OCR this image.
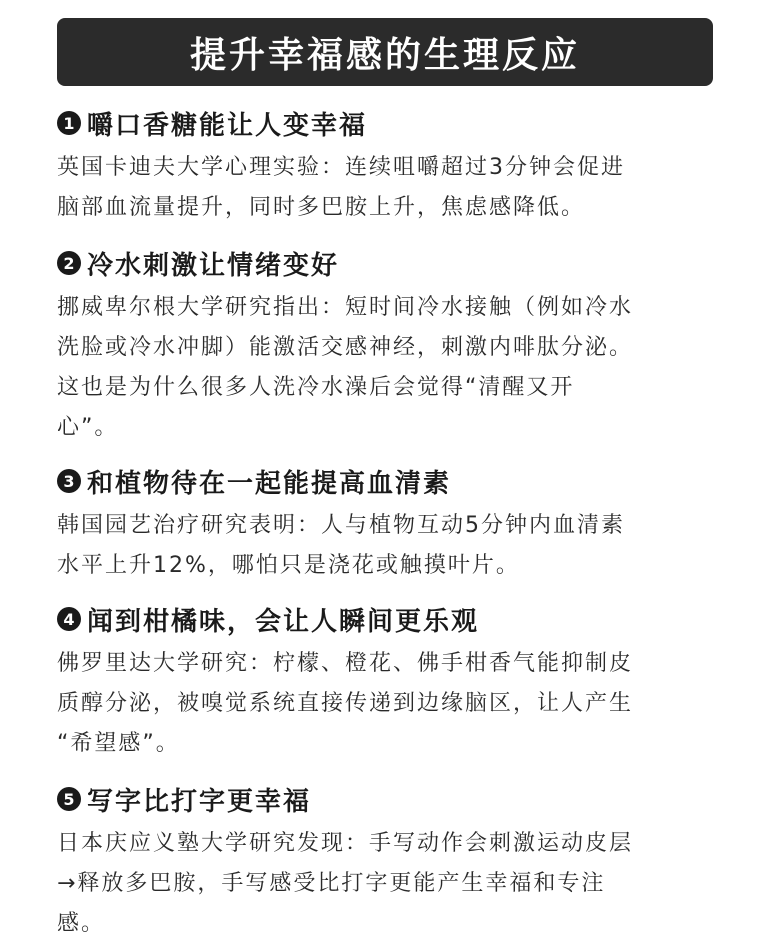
提升幸福感的生理反应
1 嚼口香糖能让人变幸福
英国卡迪夫大学心理实验：连续咀嚼超过3分钟会促进
脑部血流量提升，同时多巴胺上升，焦虑感降低。
2 冷水刺激让情绪变好
挪威卑尔根大学研究指出：短时间冷水接触（例如冷水
洗脸或冷水冲脚）能激活交感神经，刺激内啡肽分泌。
这也是为什么很多人洗冷水澡后会觉得“清醒又开
心”。
3 和植物待在一起能提高血清素
韩国园艺治疗研究表明：人与植物互动5分钟内血清素
水平上升12%，哪怕只是浇花或触摸叶片。
4 闻到柑橘味，会让人瞬间更乐观
佛罗里达大学研究：柠檬、橙花、佛手柑香气能抑制皮
质醇分泌，被嗅觉系统直接传递到边缘脑区，让人产生
“希望感”。
5 写字比打字更幸福
日本庆应义塾大学研究发现：手写动作会刺激运动皮层
→释放多巴胺，手写感受比打字更能产生幸福和专注
感。
